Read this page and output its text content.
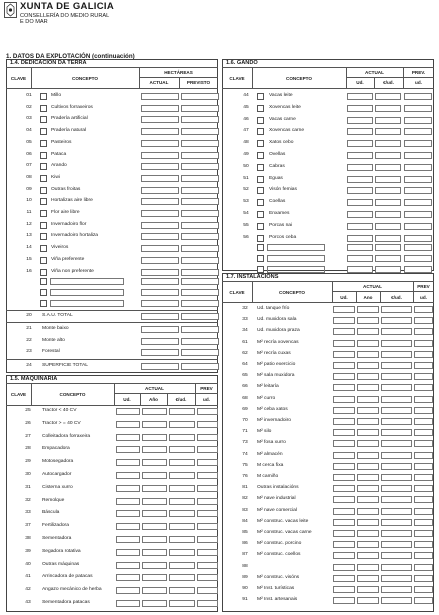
XUNTA DE GALICIA
CONSELLERÍA DO MEDIO RURAL
E DO MAR
1. DATOS DA EXPLOTACIÓN (continuación)
1.4. DEDICACIÓN DA TERRA
CLAVE	CONCEPTO
HECTÁREAS
ACTUAL	PREVISTO
01	Millo
02	Cultivos forraxeiros
03	Pradería artificial
04	Pradería natural
05	Pasteiros
06	Pataca
07	Arando
08	Kiwi
09	Outras froitas
10	Hortalizas aire libre
11	Flor aire libre
12	Invernadoiro flor
13	Invernadoiro hortaliza
14	Viveiros
15	Viña preferente
16	Viña non preferente
20	S.A.U. TOTAL
21	Monte baixo
22	Monte alto
23	Forestal
24	SUPERFICIE TOTAL
1.5. MAQUINARIA
CLAVE	CONCEPTO
ACTUAL	PREV
Ud.	Año	€/ud.	ud.
25	Tractor < 40 CV
26	Tractor > = 40 CV
27	Colleitadora forraxeira
28	Empacadora
29	Motosegadora
30	Autocargador
31	Cisterna xurro
32	Remolque
33	Báscula
37	Fertilizadora
38	Sementadora
39	Segadora rotativa
40	Outras máquinas
41	Arrincadora de patacas
42	Angazo mecánico de herba
43	Sementadora patacas
1.6. GANDO
CLAVE	CONCEPTO
ACTUAL	PREV.
Ud.	€/ud.	ud.
44	Vacas leite
45	Xovencas leite
46	Vacas carne
47	Xovencas carne
48	Xatos cebo
49	Ovellas
50	Cabras
51	Eguas
52	Visón femias
53	Coellas
54	Enxames
55	Porcas nai
56	Porcos ceba
1.7. INSTALACIÓNS
CLAVE	CONCEPTO
ACTUAL	PREV
Ud.	Ano	€/ud.	ud.
32	Ud. tanque frío
33	Ud. muxidora sala
34	Ud. muxidora praza
61	M² recría xovencas
62	M² recría cuxas
64	M² patio exercicio
65	M² sala muxidora
66	M² leitaría
68	M² curro
69	M² ceba xatos
70	M² invernadoiro
71	M² silo
73	M² fosa xurro
74	M² almacén
75	M cerca fixa
76	M camiño
81	Outras instalacións
82	M² nave industrial
83	M² nave comercial
84	M² construc. vacas leite
85	M² construc. vacas carne
86	M² construc. porcino
87	M² construc. coellos
88
89	M² construc. visóns
90	M² Inst. turísticas
91	M² Inst. artesanais
